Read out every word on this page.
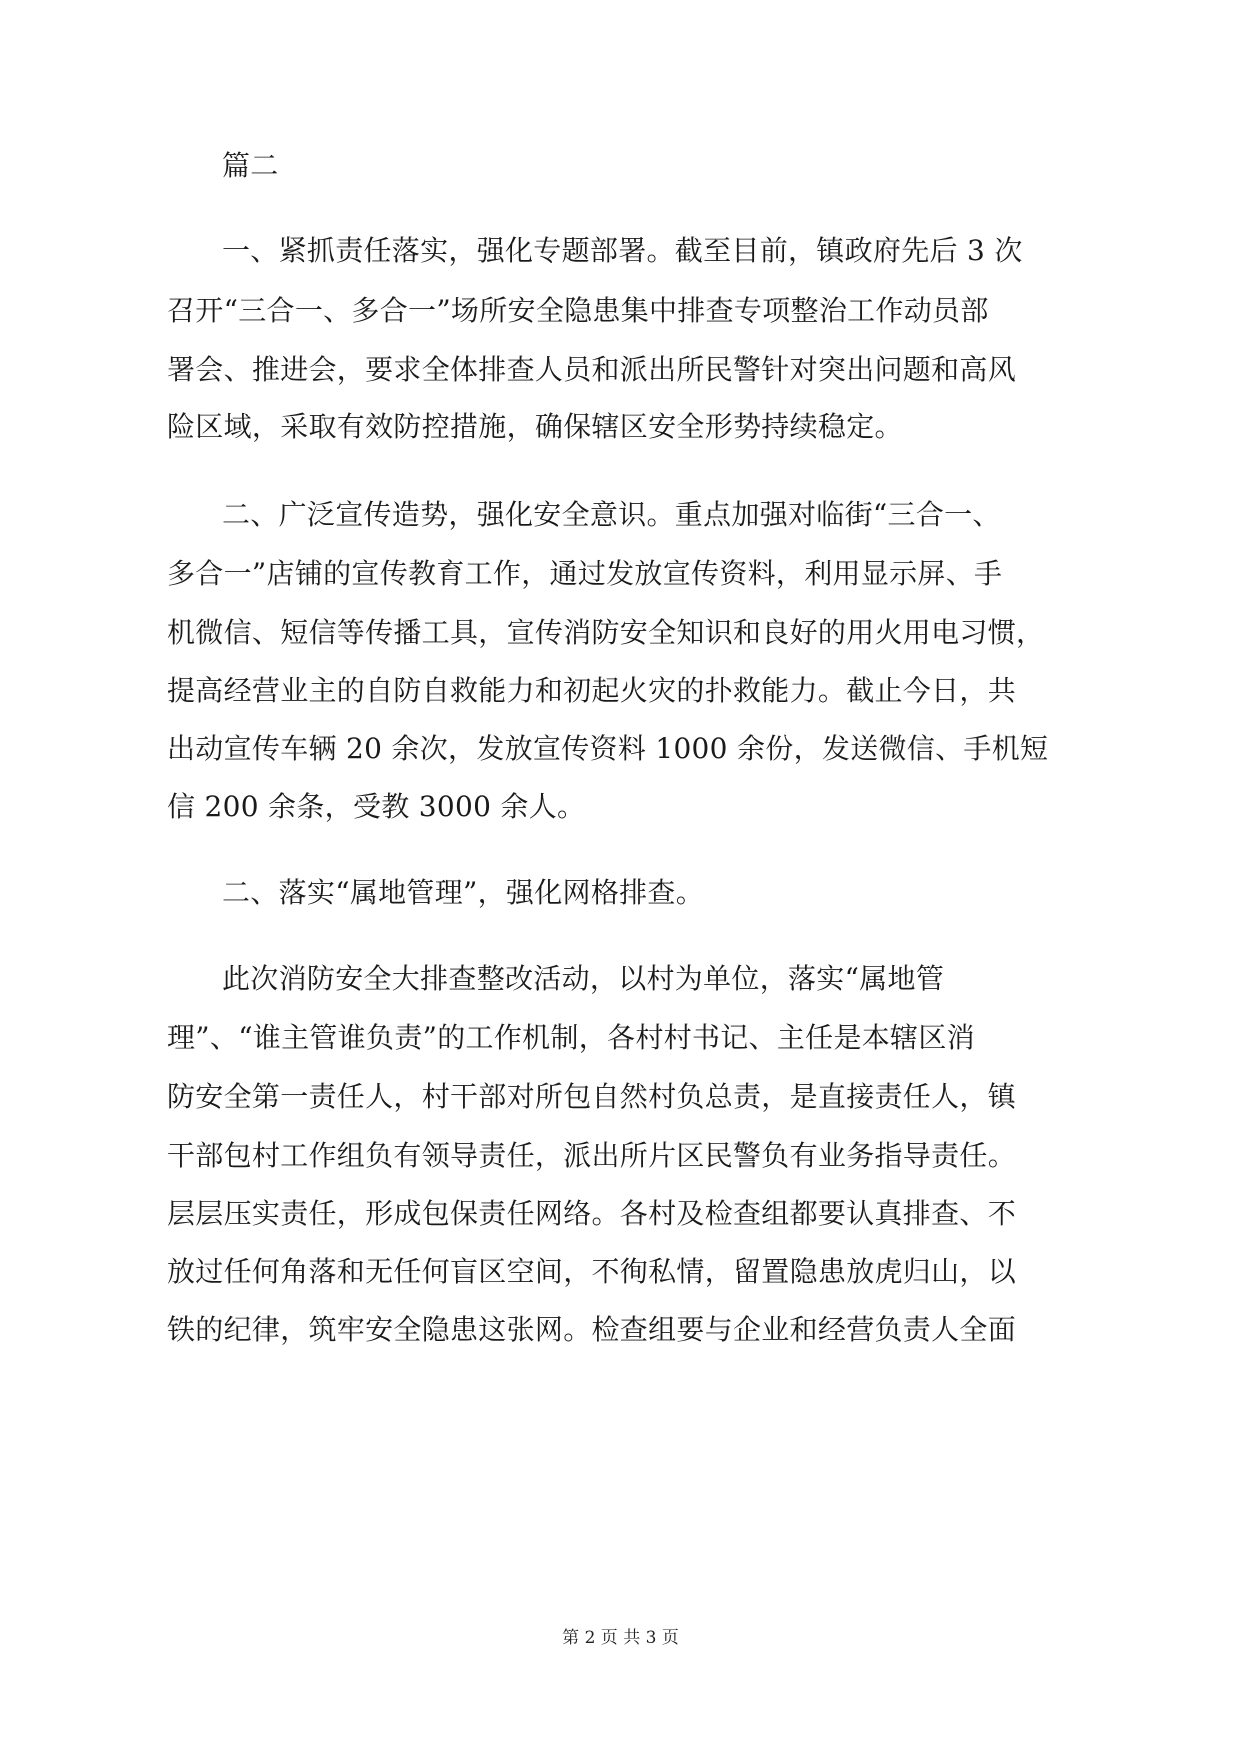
篇二
一、紧抓责任落实，强化专题部署。截至目前，镇政府先后 3 次
召开“三合一、多合一”场所安全隐患集中排查专项整治工作动员部
署会、推进会，要求全体排查人员和派出所民警针对突出问题和高风
险区域，采取有效防控措施，确保辖区安全形势持续稳定。
二、广泛宣传造势，强化安全意识。重点加强对临街“三合一、
多合一”店铺的宣传教育工作，通过发放宣传资料，利用显示屏、手
机微信、短信等传播工具，宣传消防安全知识和良好的用火用电习惯，
提高经营业主的自防自救能力和初起火灾的扑救能力。截止今日，共
出动宣传车辆 20 余次，发放宣传资料 1000 余份，发送微信、手机短
信 200 余条，受教 3000 余人。
二、落实“属地管理”，强化网格排查。
此次消防安全大排查整改活动，以村为单位，落实“属地管
理”、“谁主管谁负责”的工作机制，各村村书记、主任是本辖区消
防安全第一责任人，村干部对所包自然村负总责，是直接责任人，镇
干部包村工作组负有领导责任，派出所片区民警负有业务指导责任。
层层压实责任，形成包保责任网络。各村及检查组都要认真排查、不
放过任何角落和无任何盲区空间，不徇私情，留置隐患放虎归山，以
铁的纪律，筑牢安全隐患这张网。检查组要与企业和经营负责人全面
第 2 页 共 3 页
